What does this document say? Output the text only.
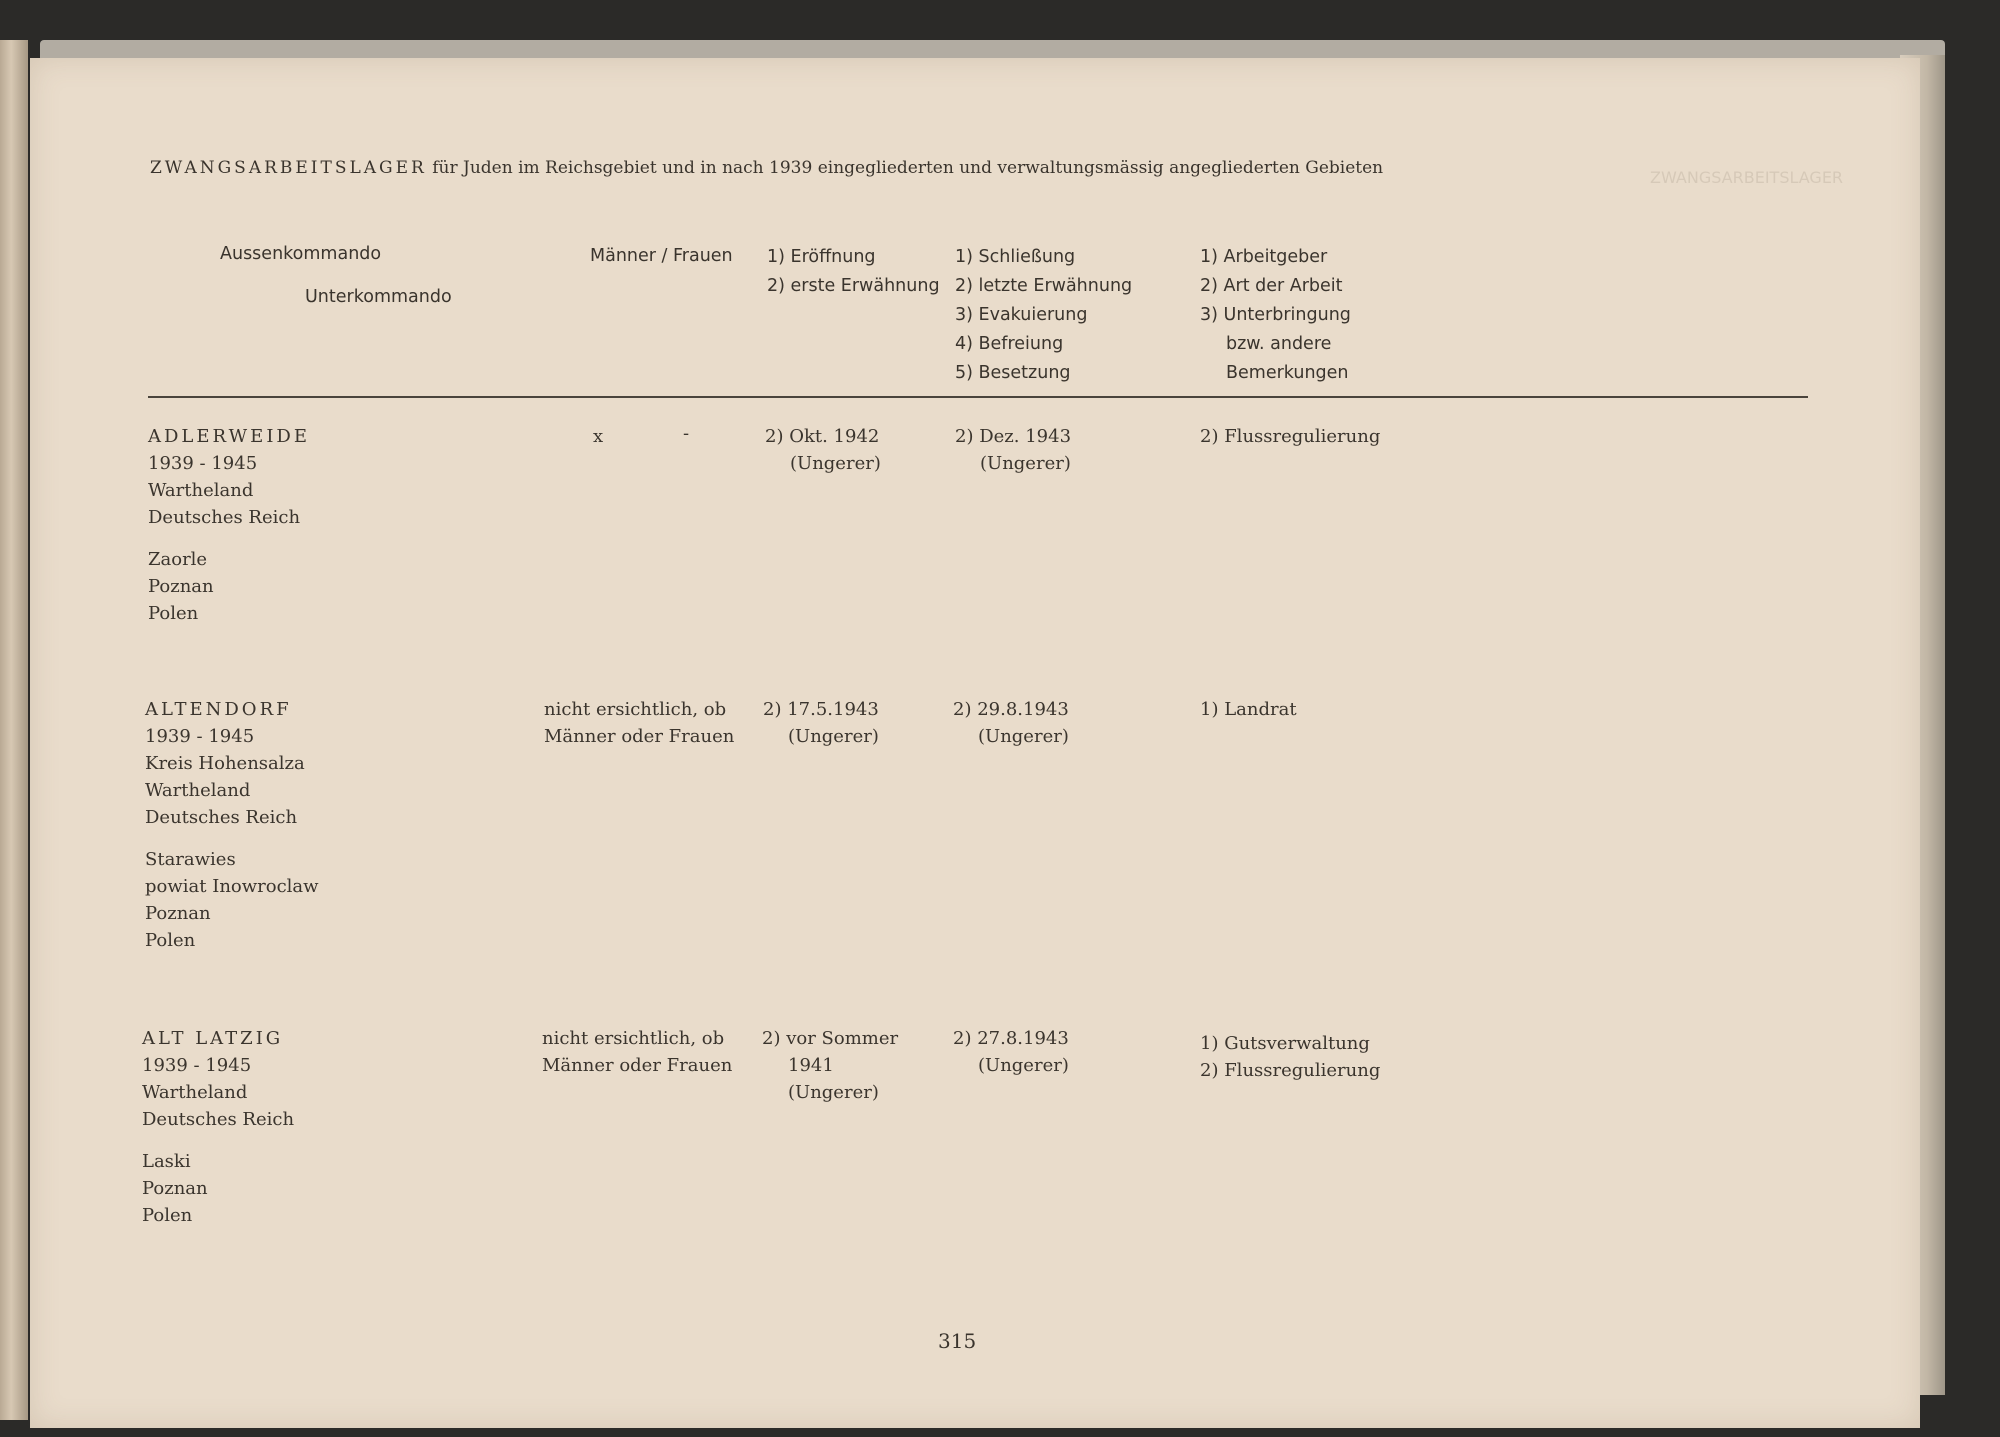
ZWANGSARBEITSLAGER
ZWANGSARBEITSLAGER für Juden im Reichsgebiet und in nach 1939 eingegliederten und verwaltungsmässig angegliederten Gebieten
Aussenkommando
Unterkommando
Männer / Frauen 1) Eröffnung
2) erste Erwähnung
1) Schließung
2) letzte Erwähnung
3) Evakuierung
4) Befreiung
5) Besetzung
1) Arbeitgeber
2) Art der Arbeit
3) Unterbringung
bzw. andere
Bemerkungen
ADLERWEIDE
1939 - 1945
Wartheland
Deutsches Reich
Zaorle
Poznan
Polen
x	-	2) Okt. 1942
(Ungerer)
2) Dez. 1943
(Ungerer)
2) Flussregulierung
ALTENDORF
1939 - 1945
Kreis Hohensalza
Wartheland
Deutsches Reich
Starawies
powiat Inowroclaw
Poznan
Polen
nicht ersichtlich, ob
Männer oder Frauen
2) 17.5.1943
(Ungerer)
2) 29.8.1943
(Ungerer)
1) Landrat
ALT LATZIG
1939 - 1945
Wartheland
Deutsches Reich
Laski
Poznan
Polen
nicht ersichtlich, ob
Männer oder Frauen
2) vor Sommer
1941
(Ungerer)
2) 27.8.1943
(Ungerer)
1) Gutsverwaltung
2) Flussregulierung
315
